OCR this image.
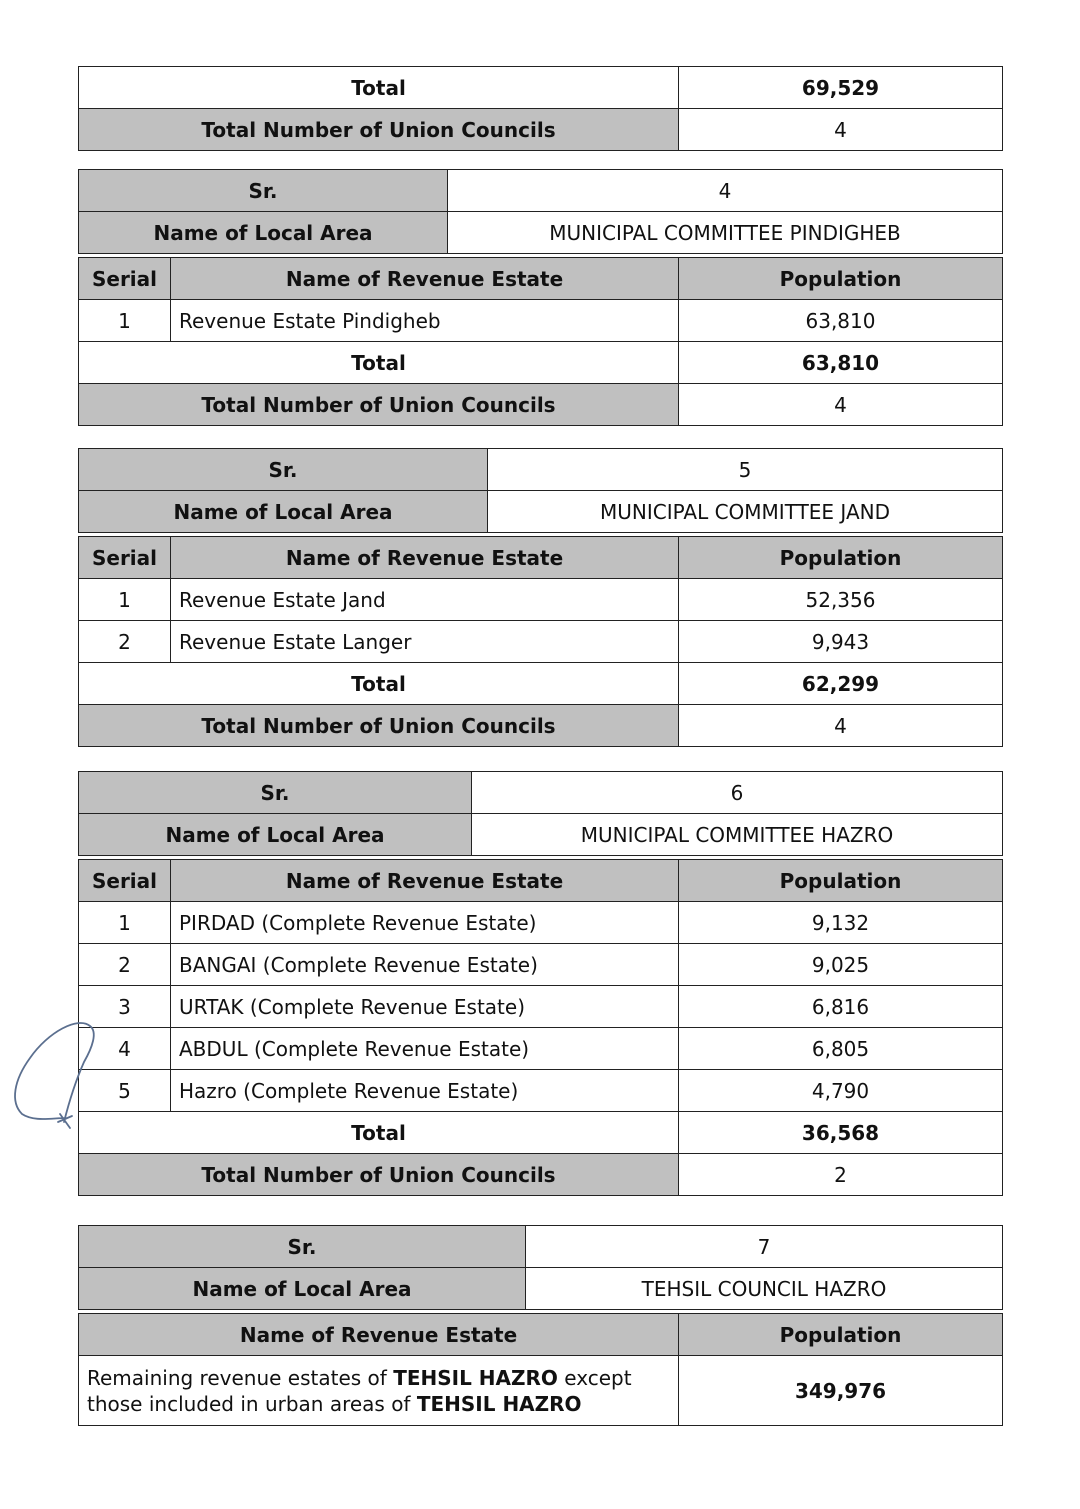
Total	69,529
Total Number of Union Councils	4
Sr.	4
Name of Local Area	MUNICIPAL COMMITTEE PINDIGHEB
Serial	Name of Revenue Estate	Population
1	Revenue Estate Pindigheb	63,810
Total		63,810
Total Number of Union Councils		4
Sr.	5
Name of Local Area	MUNICIPAL COMMITTEE JAND
Serial	Name of Revenue Estate	Population
1	Revenue Estate Jand	52,356
2	Revenue Estate Langer	9,943
Total		62,299
Total Number of Union Councils		4
Sr.	6
Name of Local Area	MUNICIPAL COMMITTEE HAZRO
Serial	Name of Revenue Estate	Population
1	PIRDAD (Complete Revenue Estate)	9,132
2	BANGAI (Complete Revenue Estate)	9,025
3	URTAK (Complete Revenue Estate)	6,816
4	ABDUL (Complete Revenue Estate)	6,805
5	Hazro (Complete Revenue Estate)	4,790
Total		36,568
Total Number of Union Councils		2
Sr.	7
Name of Local Area	TEHSIL COUNCIL HAZRO
Name of Revenue Estate	Population
Remaining revenue estates of TEHSIL HAZRO except
those included in urban areas of TEHSIL HAZRO	349,976
